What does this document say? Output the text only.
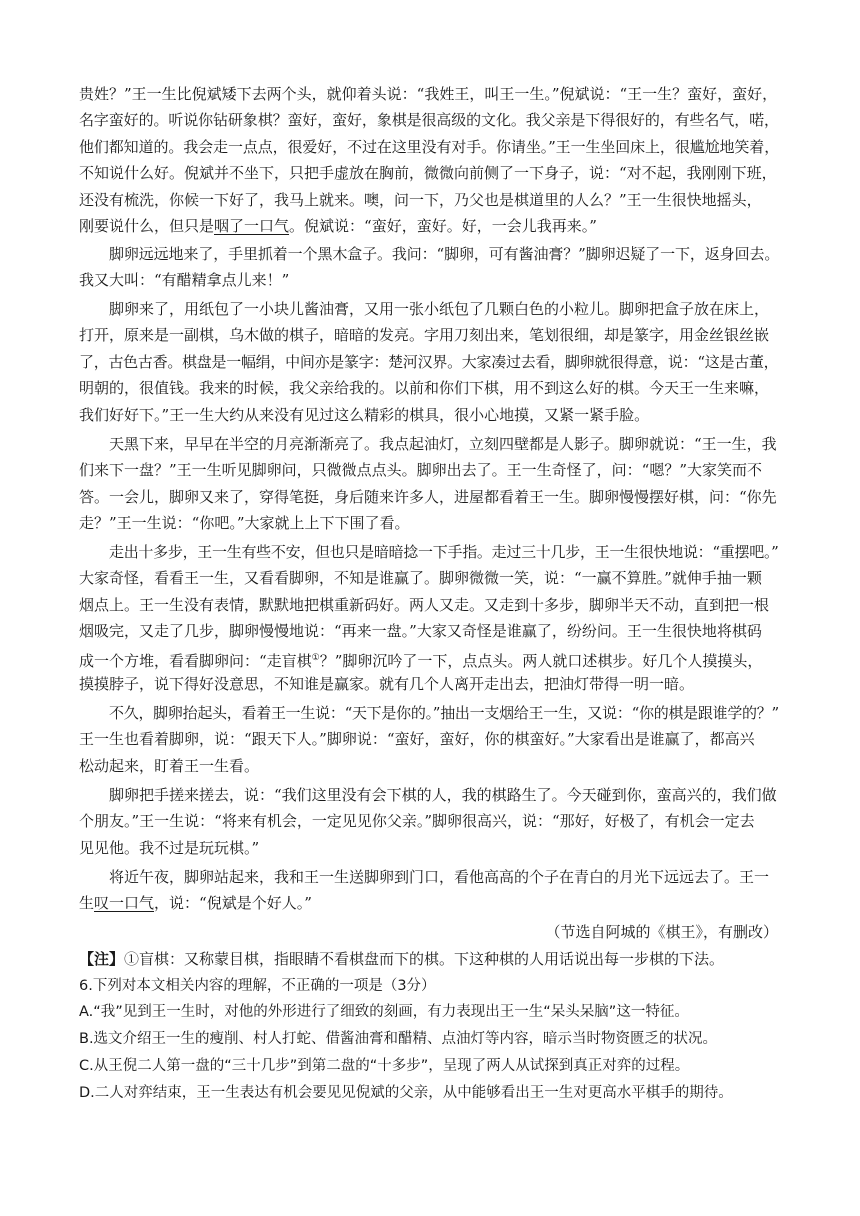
贵姓？”王一生比倪斌矮下去两个头，就仰着头说：“我姓王，叫王一生。”倪斌说：“王一生？蛮好，蛮好，
名字蛮好的。听说你钻研象棋？蛮好，蛮好，象棋是很高级的文化。我父亲是下得很好的，有些名气，喏，
他们都知道的。我会走一点点，很爱好，不过在这里没有对手。你请坐。”王一生坐回床上，很尴尬地笑着，
不知说什么好。倪斌并不坐下，只把手虚放在胸前，微微向前侧了一下身子，说：“对不起，我刚刚下班，
还没有梳洗，你候一下好了，我马上就来。噢，问一下，乃父也是棋道里的人么？”王一生很快地摇头，
刚要说什么，但只是咽了一口气。倪斌说：“蛮好，蛮好。好，一会儿我再来。”
脚卵远远地来了，手里抓着一个黑木盒子。我问：“脚卵，可有酱油膏？”脚卵迟疑了一下，返身回去。
我又大叫：“有醋精拿点儿来！”
脚卵来了，用纸包了一小块儿酱油膏，又用一张小纸包了几颗白色的小粒儿。脚卵把盒子放在床上，
打开，原来是一副棋，乌木做的棋子，暗暗的发亮。字用刀刻出来，笔划很细，却是篆字，用金丝银丝嵌
了，古色古香。棋盘是一幅绢，中间亦是篆字：楚河汉界。大家凑过去看，脚卵就很得意，说：“这是古董，
明朝的，很值钱。我来的时候，我父亲给我的。以前和你们下棋，用不到这么好的棋。今天王一生来嘛，
我们好好下。”王一生大约从来没有见过这么精彩的棋具，很小心地摸，又紧一紧手脸。
天黑下来，早早在半空的月亮渐渐亮了。我点起油灯，立刻四壁都是人影子。脚卵就说：“王一生，我
们来下一盘？”王一生听见脚卵问，只微微点点头。脚卵出去了。王一生奇怪了，问：“嗯？”大家笑而不
答。一会儿，脚卵又来了，穿得笔挺，身后随来许多人，进屋都看着王一生。脚卵慢慢摆好棋，问：“你先
走？”王一生说：“你吧。”大家就上上下下围了看。
走出十多步，王一生有些不安，但也只是暗暗捻一下手指。走过三十几步，王一生很快地说：“重摆吧。”
大家奇怪，看看王一生，又看看脚卵，不知是谁赢了。脚卵微微一笑，说：“一赢不算胜。”就伸手抽一颗
烟点上。王一生没有表情，默默地把棋重新码好。两人又走。又走到十多步，脚卵半天不动，直到把一根
烟吸完，又走了几步，脚卵慢慢地说：“再来一盘。”大家又奇怪是谁赢了，纷纷问。王一生很快地将棋码
成一个方堆，看看脚卵问：“走盲棋①？”脚卵沉吟了一下，点点头。两人就口述棋步。好几个人摸摸头，
摸摸脖子，说下得好没意思，不知谁是赢家。就有几个人离开走出去，把油灯带得一明一暗。
不久，脚卵抬起头，看着王一生说：“天下是你的。”抽出一支烟给王一生，又说：“你的棋是跟谁学的？”
王一生也看着脚卵，说：“跟天下人。”脚卵说：“蛮好，蛮好，你的棋蛮好。”大家看出是谁赢了，都高兴
松动起来，盯着王一生看。
脚卵把手搓来搓去，说：“我们这里没有会下棋的人，我的棋路生了。今天碰到你，蛮高兴的，我们做
个朋友。”王一生说：“将来有机会，一定见见你父亲。”脚卵很高兴，说：“那好，好极了，有机会一定去
见见他。我不过是玩玩棋。”
将近午夜，脚卵站起来，我和王一生送脚卵到门口，看他高高的个子在青白的月光下远远去了。王一
生叹一口气，说：“倪斌是个好人。”
（节选自阿城的《棋王》，有删改）
【注】①盲棋：又称蒙目棋，指眼睛不看棋盘而下的棋。下这种棋的人用话说出每一步棋的下法。
6.下列对本文相关内容的理解，不正确的一项是（3分）
A.“我”见到王一生时，对他的外形进行了细致的刻画，有力表现出王一生“呆头呆脑”这一特征。
B.选文介绍王一生的瘦削、村人打蛇、借酱油膏和醋精、点油灯等内容，暗示当时物资匮乏的状况。
C.从王倪二人第一盘的“三十几步”到第二盘的“十多步”，呈现了两人从试探到真正对弈的过程。
D.二人对弈结束，王一生表达有机会要见见倪斌的父亲，从中能够看出王一生对更高水平棋手的期待。
